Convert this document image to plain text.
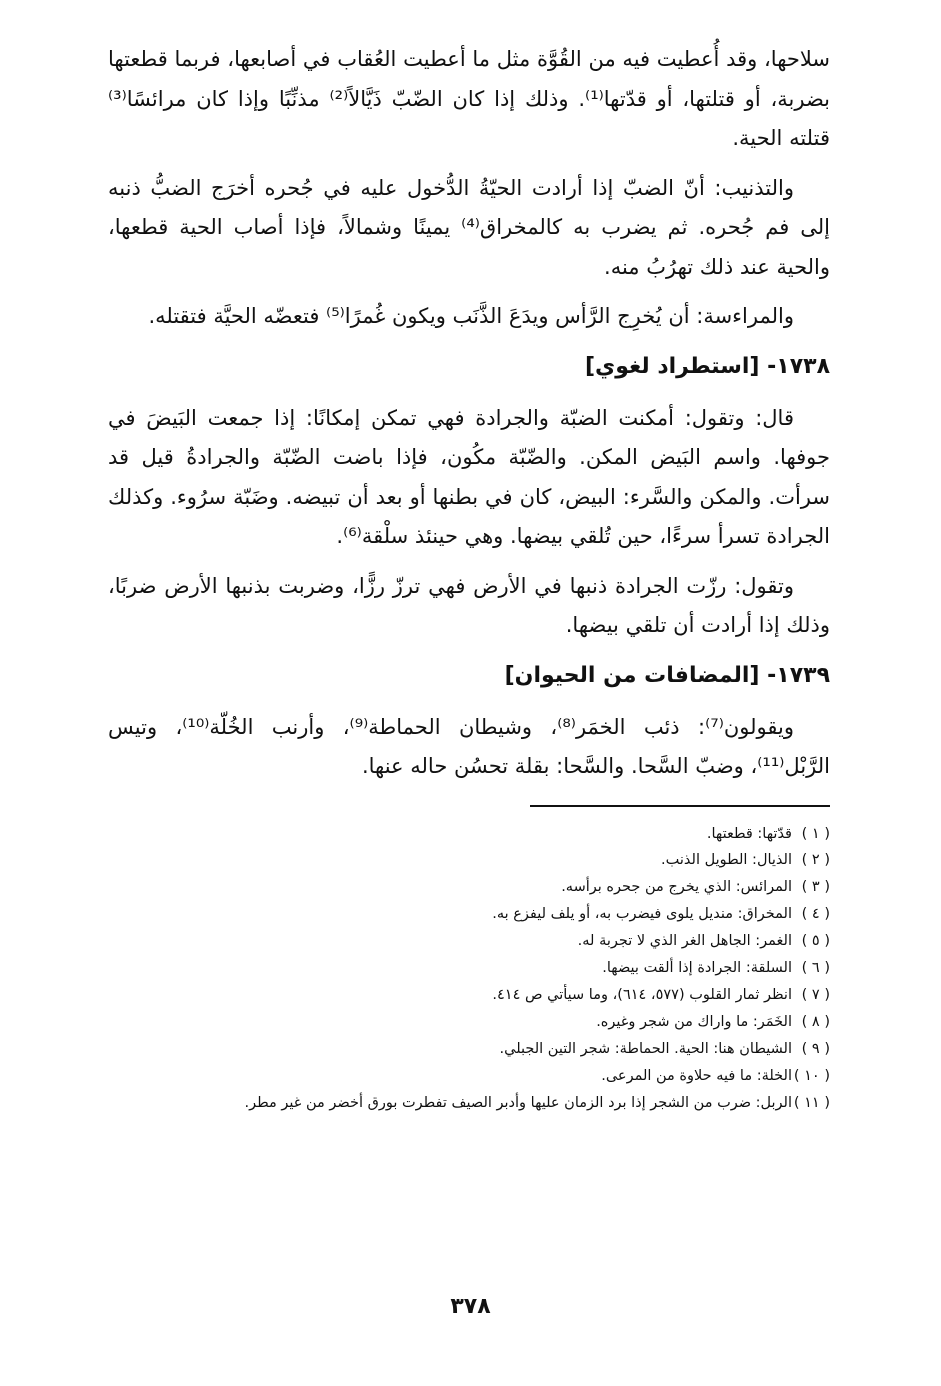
سلاحها، وقد أُعطيت فيه من القُوَّة مثل ما أعطيت العُقاب في أصابعها، فربما قطعتها بضربة، أو قتلتها، أو قدّتها⁽¹⁾. وذلك إذا كان الضّبّ ذَيَّالاً⁽²⁾ مذنِّبًا وإذا كان مرائسًا⁽³⁾ قتلته الحية.

والتذنيب: أنّ الضبّ إذا أرادت الحيّةُ الدُّخول عليه في جُحره أخرَج الضبُّ ذنبه إلى فم جُحره. ثم يضرب به كالمخراق⁽⁴⁾ يمينًا وشمالاً، فإذا أصاب الحية قطعها، والحية عند ذلك تهرُبُ منه.

والمراءسة: أن يُخرِج الرَّأس ويدَعَ الذَّنَب ويكون غُمرًا⁽⁵⁾ فتعضّه الحيَّة فتقتله.

١٧٣٨- [استطراد لغوي]

قال: وتقول: أمكنت الضبّة والجرادة فهي تمكن إمكانًا: إذا جمعت البَيضَ في جوفها. واسم البَيض المكن. والضّبّة مكُون، فإذا باضت الضّبّة والجرادةُ قيل قد سرأت. والمكن والسَّرء: البيض، كان في بطنها أو بعد أن تبيضه. وضَبّة سرُوء. وكذلك الجرادة تسرأ سرءًا، حين تُلقي بيضها. وهي حينئذ سلْقة⁽⁶⁾.

وتقول: رزّت الجرادة ذنبها في الأرض فهي ترزّ رزًّا، وضربت بذنبها الأرض ضربًا، وذلك إذا أرادت أن تلقي بيضها.

١٧٣٩- [المضافات من الحيوان]

ويقولون⁽⁷⁾: ذئب الخمَر⁽⁸⁾، وشيطان الحماطة⁽⁹⁾، وأرنب الخُلّة⁽¹⁰⁾، وتيس الرَّبْل⁽¹¹⁾، وضبّ السَّحا. والسَّحا: بقلة تحسُن حاله عنها.

( ١ )قدّتها: قطعتها.
( ٢ )الذيال: الطويل الذنب.
( ٣ )المرائس: الذي يخرج من جحره برأسه.
( ٤ )المخراق: منديل يلوى فيضرب به، أو يلف ليفزع به.
( ٥ )الغمر: الجاهل الغر الذي لا تجربة له.
( ٦ )السلقة: الجرادة إذا ألقت بيضها.
( ٧ )انظر ثمار القلوب (٥٧٧، ٦١٤)، وما سيأتي ص ٤١٤.
( ٨ )الخَمَر: ما واراك من شجر وغيره.
( ٩ )الشيطان هنا: الحية. الحماطة: شجر التين الجبلي.
( ١٠ )الخلة: ما فيه حلاوة من المرعى.
( ١١ )الربل: ضرب من الشجر إذا برد الزمان عليها وأدبر الصيف تفطرت بورق أخضر من غير مطر.
٣٧٨
